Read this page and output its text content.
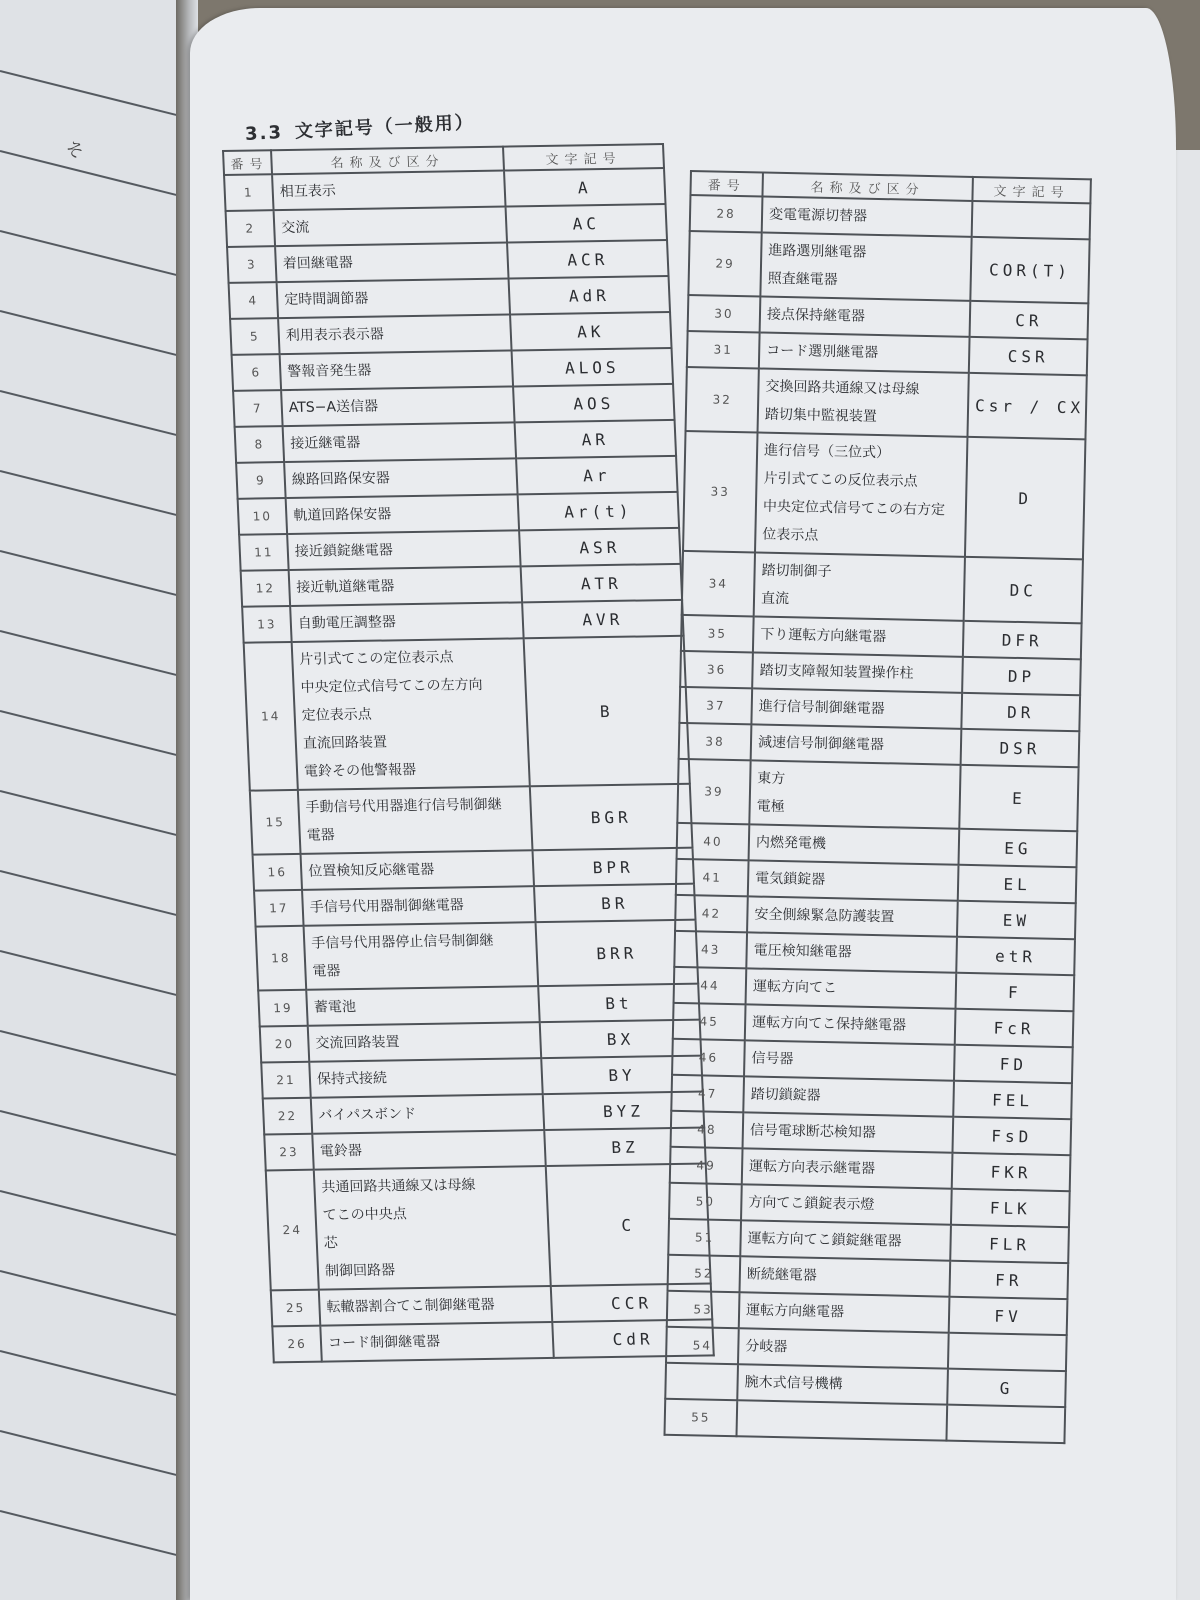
そ
3.3 文字記号（一般用）
番号	名称及び区分	文字記号
1	相互表示	A
2	交流	AC
3	着回継電器	ACR
4	定時間調節器	AdR
5	利用表示表示器	AK
6	警報音発生器	ALOS
7	ATS−A送信器	AOS
8	接近継電器	AR
9	線路回路保安器	Ar
10	軌道回路保安器	Ar(t)
11	接近鎖錠継電器	ASR
12	接近軌道継電器	ATR
13	自動電圧調整器	AVR
14	片引式てこの定位表示点
中央定位式信号てこの左方向
定位表示点
直流回路装置
電鈴その他警報器	B
15	手動信号代用器進行信号制御継
電器	BGR
16	位置検知反応継電器	BPR
17	手信号代用器制御継電器	BR
18	手信号代用器停止信号制御継
電器	BRR
19	蓄電池	Bt
20	交流回路装置	BX
21	保持式接続	BY
22	バイパスボンド	BYZ
23	電鈴器	BZ
24	共通回路共通線又は母線
てこの中央点
芯
制御回路器	C
25	転轍器割合てこ制御継電器	CCR
26	コード制御継電器	CdR
番号	名称及び区分	文字記号
28	変電電源切替器	

29	進路選別継電器
照査継電器	COR(T)
30	接点保持継電器	CR
31	コード選別継電器	CSR
32	交換回路共通線又は母線
踏切集中監視装置	Csr / CX
33	進行信号（三位式）
片引式てこの反位表示点
中央定位式信号てこの右方定
位表示点	D
34	踏切制御子
直流	DC
35	下り運転方向継電器	DFR
36	踏切支障報知装置操作柱	DP
37	進行信号制御継電器	DR
38	減速信号制御継電器	DSR
39	東方
電極	E
40	内燃発電機	EG
41	電気鎖錠器	EL
42	安全側線緊急防護装置	EW
43	電圧検知継電器	etR
44	運転方向てこ	F
45	運転方向てこ保持継電器	FcR
46	信号器	FD
47	踏切鎖錠器	FEL
48	信号電球断芯検知器	FsD
49	運転方向表示継電器	FKR
50	方向てこ鎖錠表示燈	FLK
51	運転方向てこ鎖錠継電器	FLR
52	断続継電器	FR
53	運転方向継電器	FV
54	分岐器	

	腕木式信号機構	G
55	
